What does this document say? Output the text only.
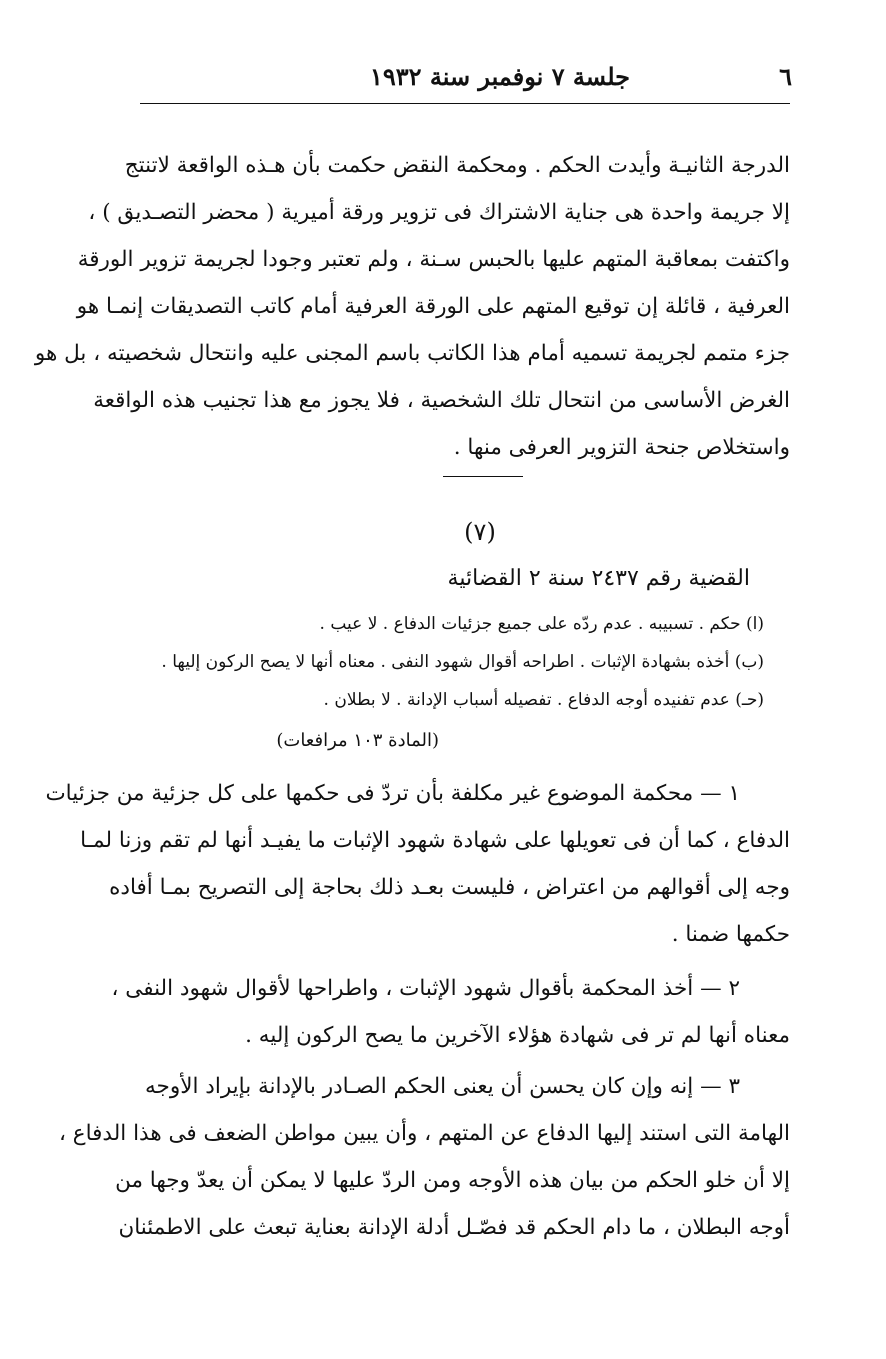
جلسة ٧ نوفمبر سنة ١٩٣٢	٦
الدرجة الثانيـة وأيدت الحكم . ومحكمة النقض حكمت بأن هـذه الواقعة لاتنتج
إلا جريمة واحدة هى جناية الاشتراك فى تزوير ورقة أميرية ( محضر التصـديق ) ،
واكتفت بمعاقبة المتهم عليها بالحبس سـنة ، ولم تعتبر وجودا لجريمة تزوير الورقة
العرفية ، قائلة إن توقيع المتهم على الورقة العرفية أمام كاتب التصديقات إنمـا هو
جزء متمم لجريمة تسميه أمام هذا الكاتب باسم المجنى عليه وانتحال شخصيته ، بل هو
الغرض الأساسى من انتحال تلك الشخصية ، فلا يجوز مع هذا تجنيب هذه الواقعة
واستخلاص جنحة التزوير العرفى منها .
(٧)
القضية رقم ٢٤٣٧ سنة ٢ القضائية
(ا) حكم . تسبيبه . عدم ردّه على جميع جزئيات الدفاع . لا عيب .
(ب) أخذه بشهادة الإثبات . اطراحه أقوال شهود النفى . معناه أنها لا يصح الركون إليها .
(حـ) عدم تفنيده أوجه الدفاع . تفصيله أسباب الإدانة . لا بطلان .
(المادة ١٠٣ مرافعات)
١ — محكمة الموضوع غير مكلفة بأن تردّ فى حكمها على كل جزئية من جزئيات
الدفاع ، كما أن فى تعويلها على شهادة شهود الإثبات ما يفيـد أنها لم تقم وزنا لمـا
وجه إلى أقوالهم من اعتراض ، فليست بعـد ذلك بحاجة إلى التصريح بمـا أفاده
حكمها ضمنا .
٢ — أخذ المحكمة بأقوال شهود الإثبات ، واطراحها لأقوال شهود النفى ،
معناه أنها لم تر فى شهادة هؤلاء الآخرين ما يصح الركون إليه .
٣ — إنه وإن كان يحسن أن يعنى الحكم الصـادر بالإدانة بإيراد الأوجه
الهامة التى استند إليها الدفاع عن المتهم ، وأن يبين مواطن الضعف فى هذا الدفاع ،
إلا أن خلو الحكم من بيان هذه الأوجه ومن الردّ عليها لا يمكن أن يعدّ وجها من
أوجه البطلان ، ما دام الحكم قد فصّـل أدلة الإدانة بعناية تبعث على الاطمئنان
